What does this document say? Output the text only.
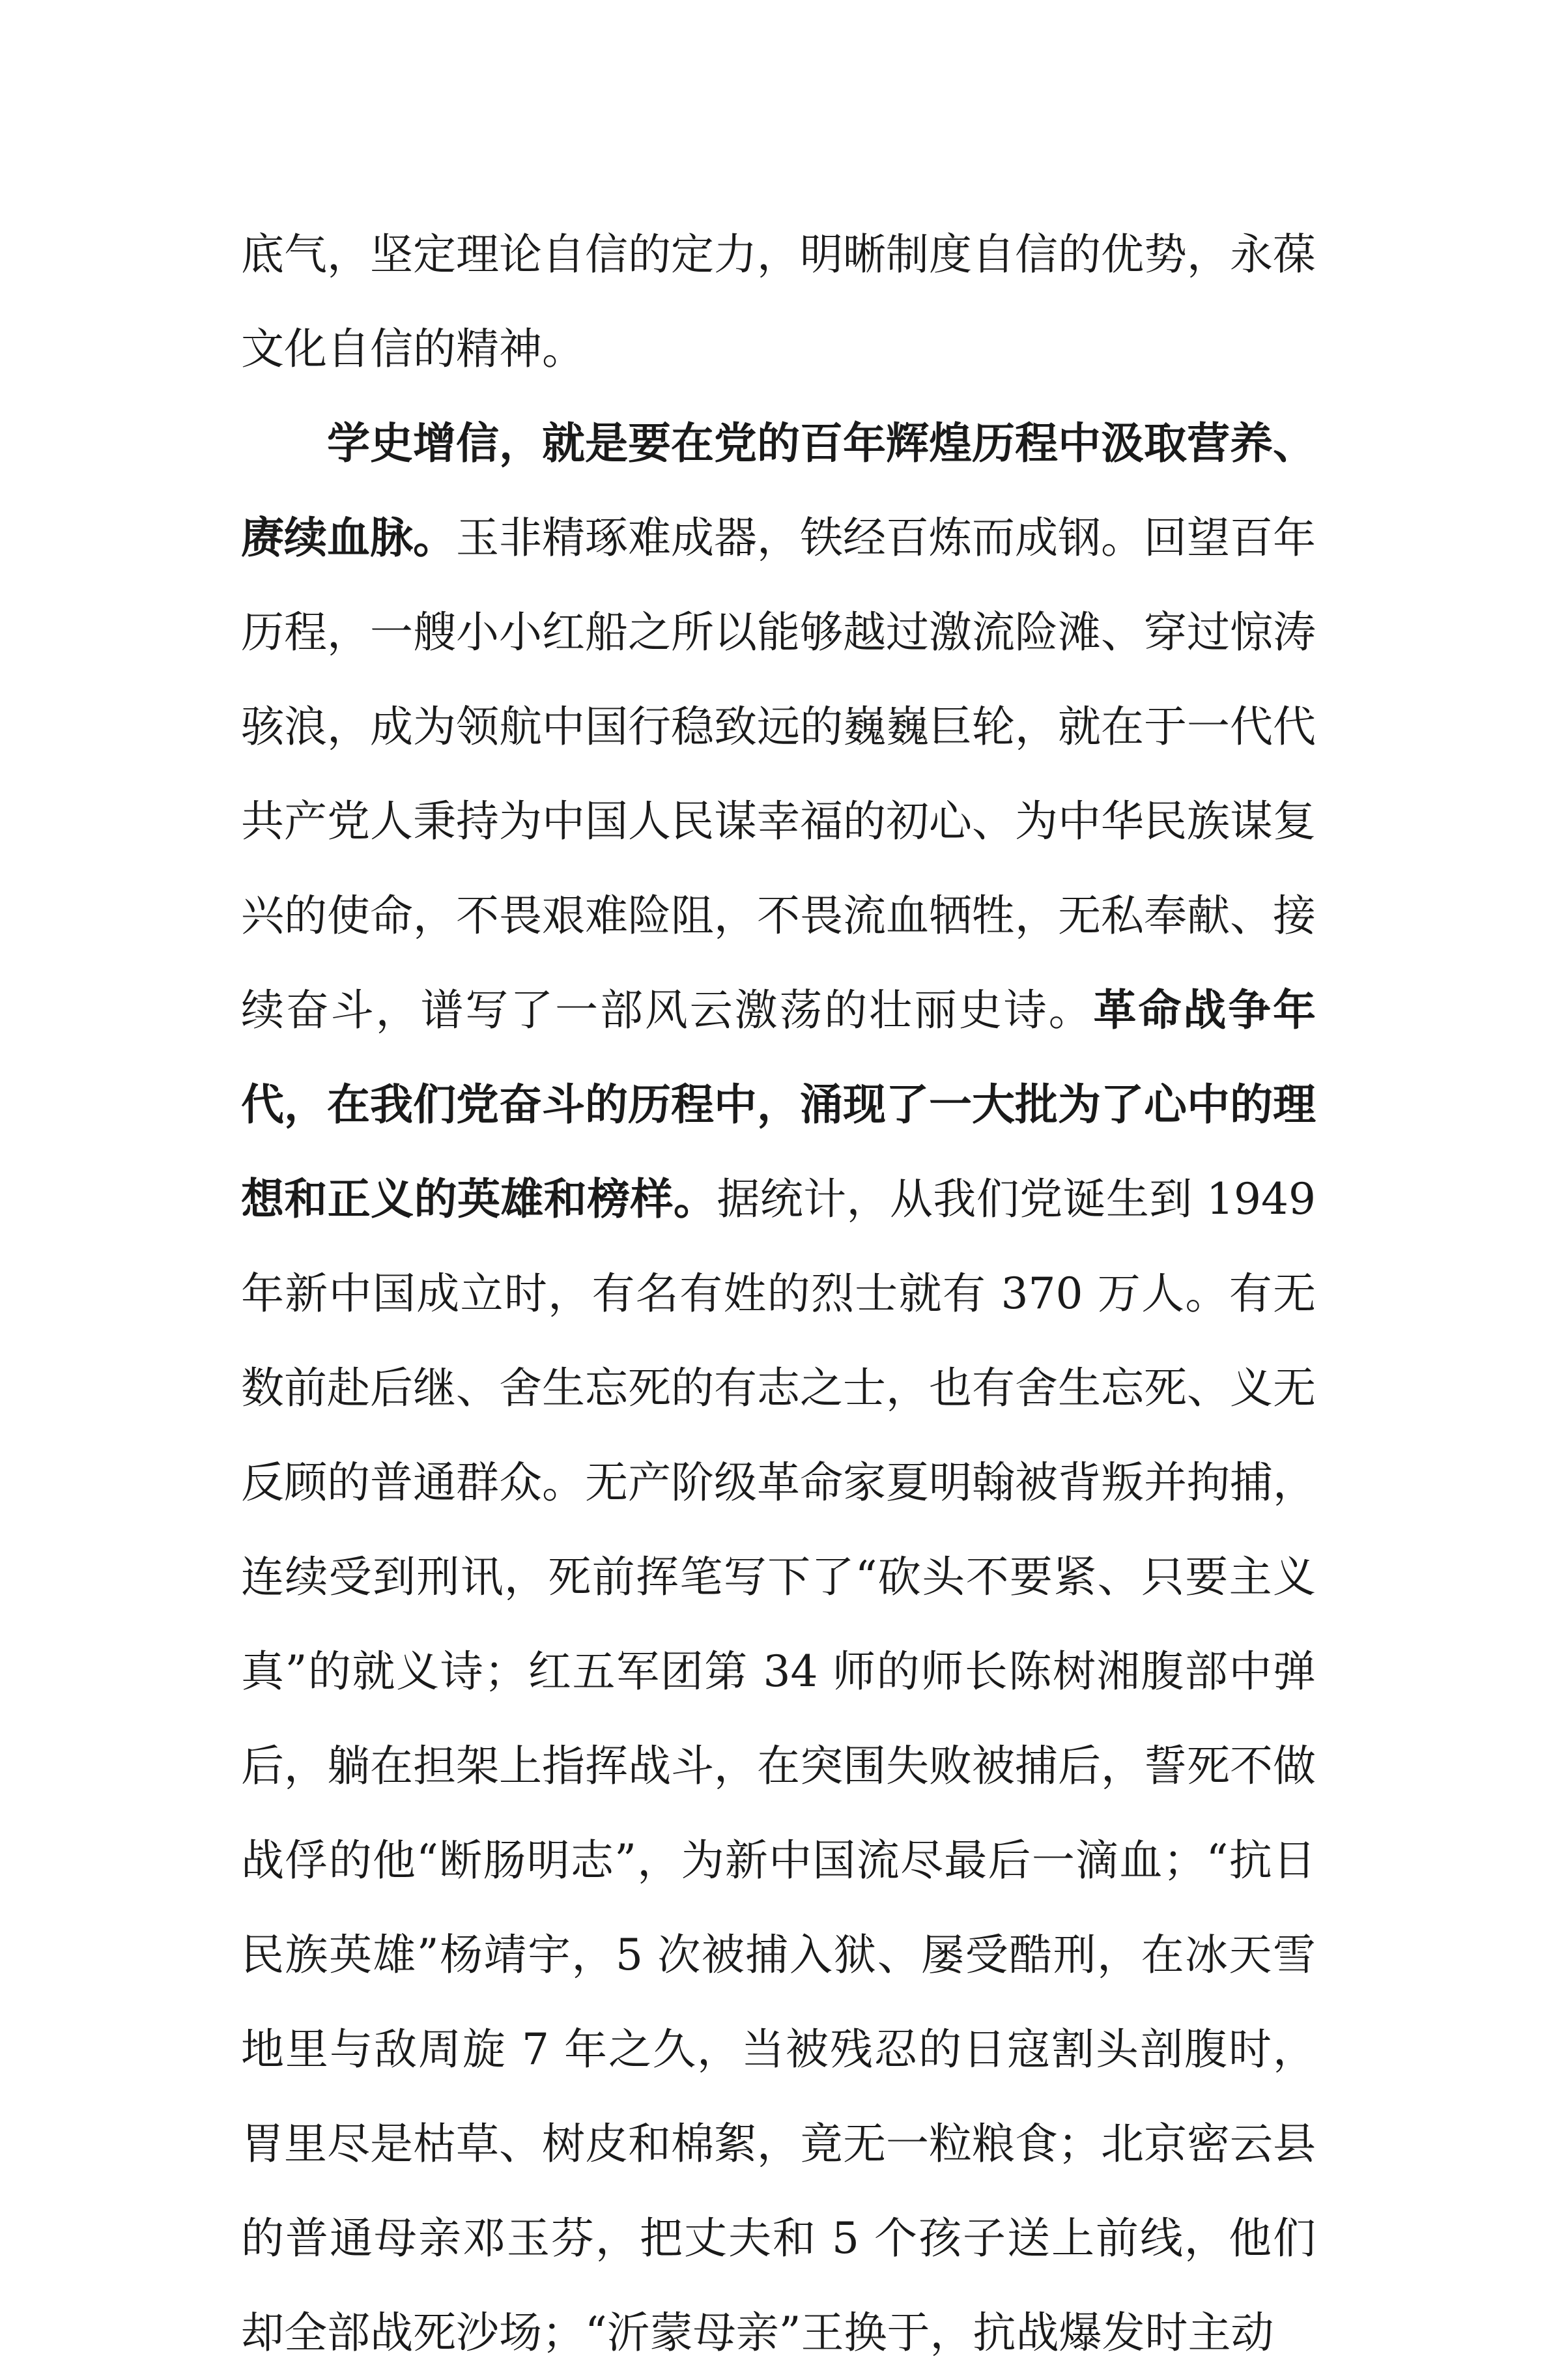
底气，坚定理论自信的定力，明晰制度自信的优势，永葆文化自信的精神。

学史增信，就是要在党的百年辉煌历程中汲取营养、赓续血脉。玉非精琢难成器，铁经百炼而成钢。回望百年历程，一艘小小红船之所以能够越过激流险滩、穿过惊涛骇浪，成为领航中国行稳致远的巍巍巨轮，就在于一代代共产党人秉持为中国人民谋幸福的初心、为中华民族谋复兴的使命，不畏艰难险阻，不畏流血牺牲，无私奉献、接续奋斗，谱写了一部风云激荡的壮丽史诗。革命战争年代，在我们党奋斗的历程中，涌现了一大批为了心中的理想和正义的英雄和榜样。据统计，从我们党诞生到 1949 年新中国成立时，有名有姓的烈士就有 370 万人。有无数前赴后继、舍生忘死的有志之士，也有舍生忘死、义无反顾的普通群众。无产阶级革命家夏明翰被背叛并拘捕，连续受到刑讯，死前挥笔写下了“砍头不要紧、只要主义真”的就义诗；红五军团第 34 师的师长陈树湘腹部中弹后，躺在担架上指挥战斗，在突围失败被捕后，誓死不做战俘的他“断肠明志”，为新中国流尽最后一滴血；“抗日民族英雄”杨靖宇，5 次被捕入狱、屡受酷刑，在冰天雪地里与敌周旋 7 年之久，当被残忍的日寇割头剖腹时，胃里尽是枯草、树皮和棉絮，竟无一粒粮食；北京密云县的普通母亲邓玉芬，把丈夫和 5 个孩子送上前线，他们却全部战死沙场；“沂蒙母亲”王换于，抗战爆发时主动
